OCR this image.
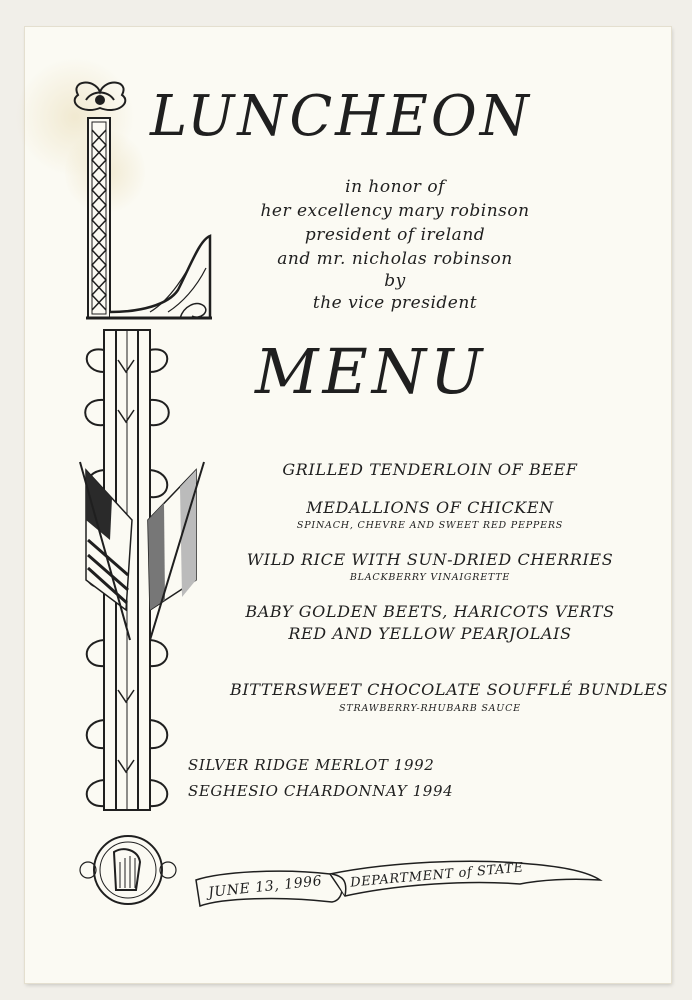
LUNCHEON
in honor of
her excellency mary robinson
president of ireland
and mr. nicholas robinson
by
the vice president
MENU
GRILLED TENDERLOIN OF BEEF
MEDALLIONS OF CHICKEN
SPINACH, CHEVRE AND SWEET RED PEPPERS
WILD RICE WITH SUN-DRIED CHERRIES
BLACKBERRY VINAIGRETTE
BABY GOLDEN BEETS, HARICOTS VERTS
RED AND YELLOW PEARJOLAIS
BITTERSWEET CHOCOLATE SOUFFLÉ BUNDLES
STRAWBERRY-RHUBARB SAUCE
SILVER RIDGE MERLOT 1992
SEGHESIO CHARDONNAY 1994
JUNE 13, 1996 DEPARTMENT of STATE
